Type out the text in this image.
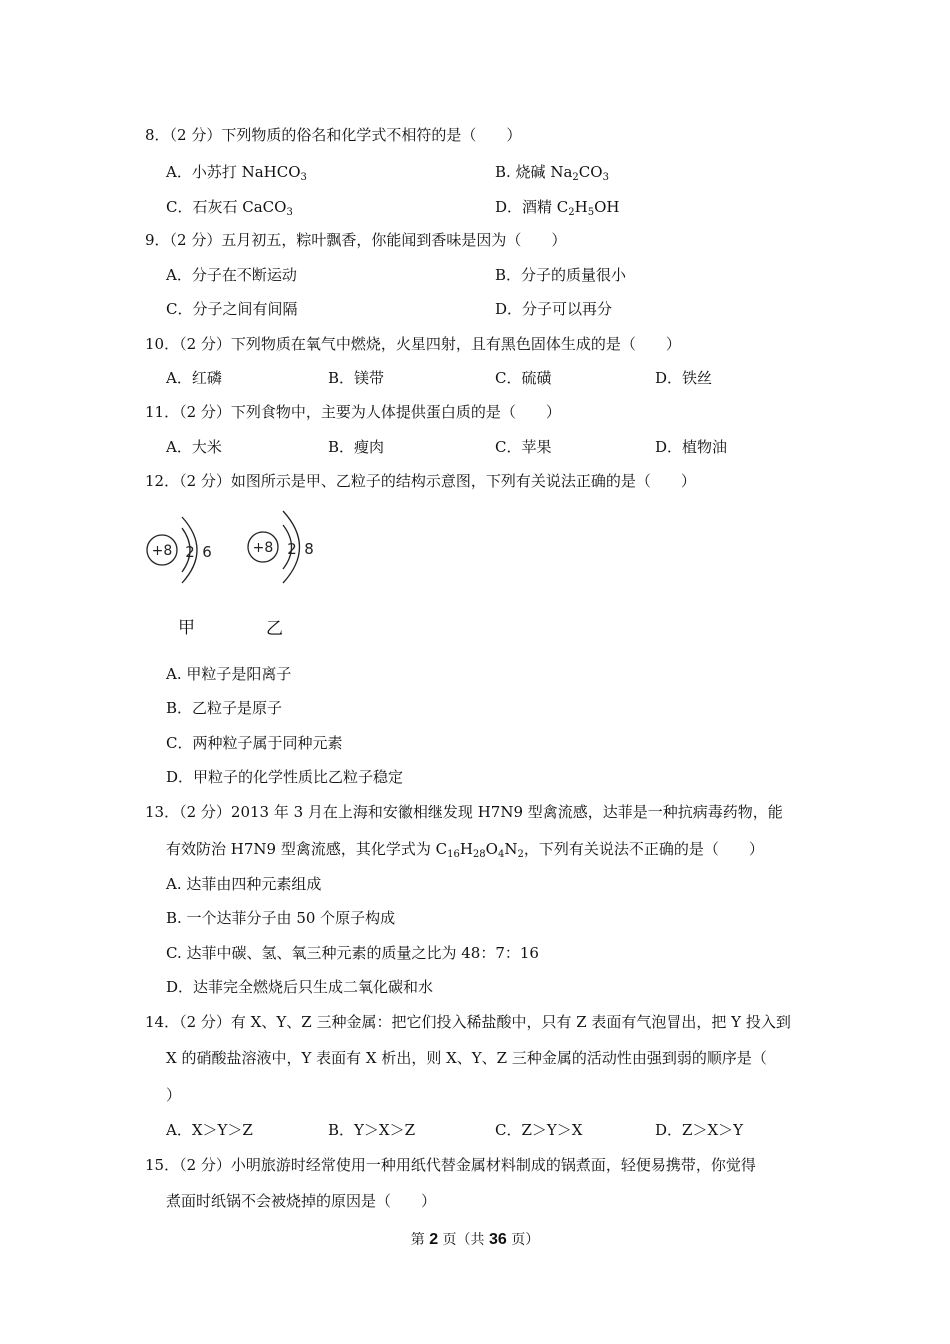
8．（2 分）下列物质的俗名和化学式不相符的是（　　）
A．小苏打 NaHCO$_3$	B. 烧碱 $Na_2CO_3$
C．石灰石 CaCO$_3$	D．酒精 $C_2H_5OH$
9．（2 分）五月初五，粽叶飘香，你能闻到香味是因为（　　）
A．分子在不断运动	B．分子的质量很小
C．分子之间有间隔	D．分子可以再分
10．（2 分）下列物质在氧气中燃烧，火星四射，且有黑色固体生成的是（　　）
A．红磷	B．镁带	C．硫磺	D．铁丝
11．（2 分）下列食物中，主要为人体提供蛋白质的是（　　）
A．大米	B．瘦肉	C．苹果	D．植物油
12．（2 分）如图所示是甲、乙粒子的结构示意图，下列有关说法正确的是（　　）
+8 2 6	+8 2 8
甲	乙
A. 甲粒子是阳离子
B．乙粒子是原子
C．两种粒子属于同种元素
D．甲粒子的化学性质比乙粒子稳定
13．（2 分）2013 年 3 月在上海和安徽相继发现 H7N9 型禽流感，达菲是一种抗病毒药物，能
有效防治 H7N9 型禽流感，其化学式为 $C_{16}H_{28}O_4N_2$，下列有关说法不正确的是（　　）
A. 达菲由四种元素组成
B. 一个达菲分子由 50 个原子构成
C. 达菲中碳、氢、氧三种元素的质量之比为 48：7：16
D．达菲完全燃烧后只生成二氧化碳和水
14．（2 分）有 X、Y、Z 三种金属：把它们投入稀盐酸中，只有 Z 表面有气泡冒出，把 Y 投入到
X 的硝酸盐溶液中，Y 表面有 X 析出，则 X、Y、Z 三种金属的活动性由强到弱的顺序是（
）
A．X＞Y＞Z	B．Y＞X＞Z	C．Z＞Y＞X	D．Z＞X＞Y
15．（2 分）小明旅游时经常使用一种用纸代替金属材料制成的锅煮面，轻便易携带，你觉得
煮面时纸锅不会被烧掉的原因是（　　）
第 2 页（共 36 页）
